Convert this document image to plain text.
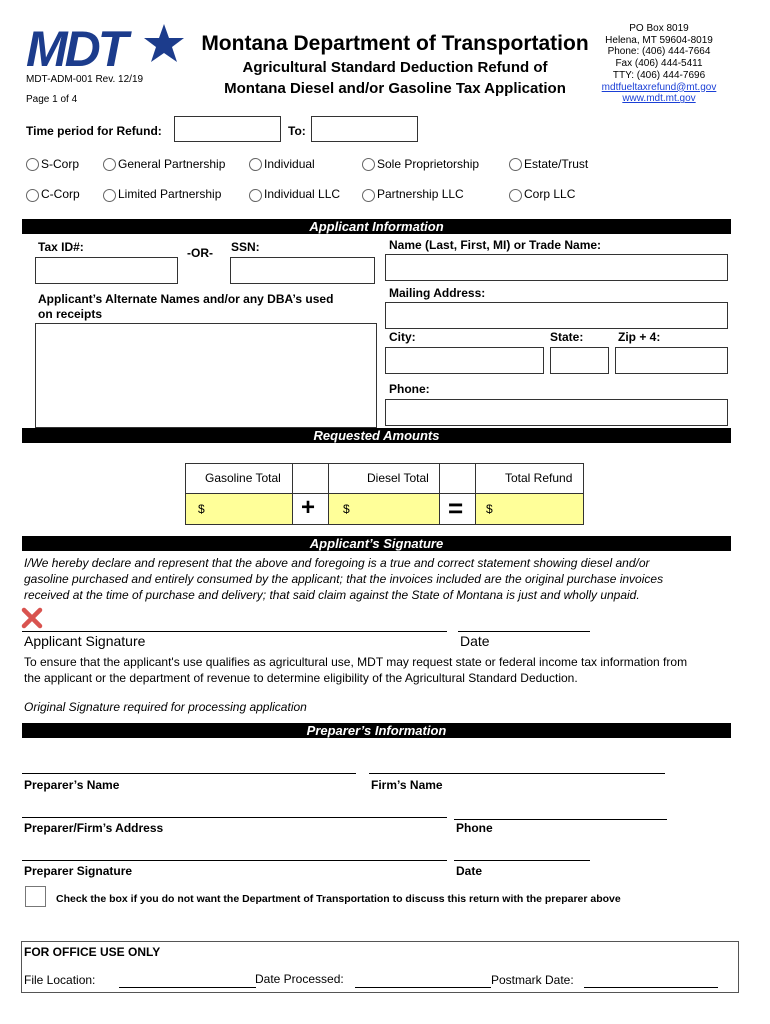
MDT
MDT-ADM-001 Rev. 12/19
Page 1 of 4
Montana Department of Transportation
Agricultural Standard Deduction Refund of
Montana Diesel and/or Gasoline Tax Application
PO Box 8019
Helena, MT 59604-8019
Phone: (406) 444-7664
Fax (406) 444-5411
TTY: (406) 444-7696
mdtfueltaxrefund@mt.gov
www.mdt.mt.gov
Time period for Refund:	To:
S-Corp	General Partnership	Individual	Sole Proprietorship	Estate/Trust
C-Corp	Limited Partnership	Individual LLC	Partnership LLC	Corp LLC
Applicant Information
Tax ID#:	-OR- SSN:	Name (Last, First, MI) or Trade Name:
Applicant’s Alternate Names and/or any DBA’s used
on receipts
Mailing Address:
City:	State:	Zip + 4:
Phone:
Requested Amounts
Gasoline Total	Diesel Total	Total Refund
$	+ $	= $
Applicant’s Signature
I/We hereby declare and represent that the above and foregoing is a true and correct statement showing diesel and/or
gasoline purchased and entirely consumed by the applicant; that the invoices included are the original purchase invoices
received at the time of purchase and delivery; that said claim against the State of Montana is just and wholly unpaid.
Applicant Signature	Date
To ensure that the applicant's use qualifies as agricultural use, MDT may request state or federal income tax information from
the applicant or the department of revenue to determine eligibility of the Agricultural Standard Deduction.
Original Signature required for processing application
Preparer’s Information
Preparer’s Name	Firm’s Name
Preparer/Firm’s Address	Phone
Preparer Signature	Date
Check the box if you do not want the Department of Transportation to discuss this return with the preparer above
FOR OFFICE USE ONLY
File Location:	Date Processed:	Postmark Date:
